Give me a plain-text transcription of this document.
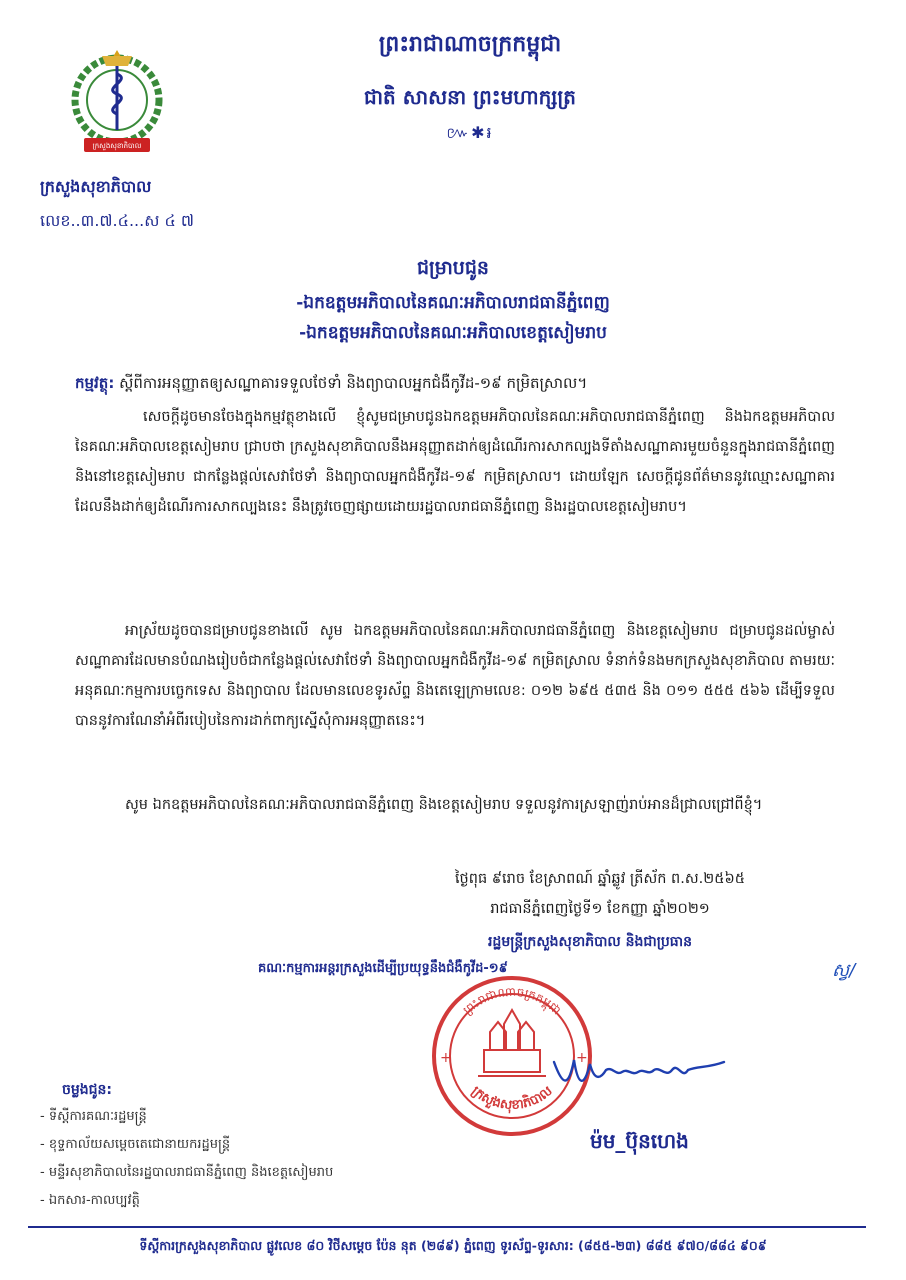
ក្រសួងសុខាភិបាល
ក្រសួងសុខាភិបាល
លេខ..៣.៧.៤...ស ៤ ៧
ព្រះរាជាណាចក្រកម្ពុជា
ជាតិ សាសនា ព្រះមហាក្សត្រ
៚✱៛
ជម្រាបជូន
-ឯកឧត្តមអភិបាលនៃគណៈអភិបាលរាជធានីភ្នំពេញ
-ឯកឧត្តមអភិបាលនៃគណៈអភិបាលខេត្តសៀមរាប
កម្មវត្ថុ: ស្តីពីការអនុញ្ញាតឲ្យសណ្ឋាគារទទួលថែទាំ និងព្យាបាលអ្នកជំងឺកូវីដ-១៩ កម្រិតស្រាល។
សេចក្តីដូចមានចែងក្នុងកម្មវត្ថុខាងលើ ខ្ញុំសូមជម្រាបជូនឯកឧត្តមអភិបាលនៃគណៈអភិបាលរាជធានីភ្នំពេញ និងឯកឧត្តមអភិបាលនៃគណៈអភិបាលខេត្តសៀមរាប ជ្រាបថា ក្រសួងសុខាភិបាលនឹងអនុញ្ញាតដាក់ឲ្យដំណើរការសាកល្បងទីតាំងសណ្ឋាគារមួយចំនួនក្នុងរាជធានីភ្នំពេញ និងនៅខេត្តសៀមរាប ជាកន្លែងផ្តល់សេវាថែទាំ និងព្យាបាលអ្នកជំងឺកូវីដ-១៩ កម្រិតស្រាល។ ដោយឡែក សេចក្តីជូនព័ត៌មាននូវឈ្មោះសណ្ឋាគារដែលនឹងដាក់ឲ្យដំណើរការសាកល្បងនេះ នឹងត្រូវចេញផ្សាយដោយរដ្ឋបាលរាជធានីភ្នំពេញ និងរដ្ឋបាលខេត្តសៀមរាប។
អាស្រ័យដូចបានជម្រាបជូនខាងលើ សូម ឯកឧត្តមអភិបាលនៃគណៈអភិបាលរាជធានីភ្នំពេញ និងខេត្តសៀមរាប ជម្រាបជូនដល់ម្ចាស់សណ្ឋាគារដែលមានបំណងរៀបចំជាកន្លែងផ្តល់សេវាថែទាំ និងព្យាបាលអ្នកជំងឺកូវីដ-១៩ កម្រិតស្រាល ទំនាក់ទំនងមកក្រសួងសុខាភិបាល តាមរយៈអនុគណៈកម្មការបច្ចេកទេស និងព្យាបាល ដែលមានលេខទូរស័ព្ទ និងតេឡេក្រាមលេខ: ០១២ ៦៩៥ ៥៣៥ និង ០១១ ៥៥៥ ៥៦៦ ដើម្បីទទួលបាននូវការណែនាំអំពីរបៀបនៃការដាក់ពាក្យស្នើសុំការអនុញ្ញាតនេះ។
សូម ឯកឧត្តមអភិបាលនៃគណៈអភិបាលរាជធានីភ្នំពេញ និងខេត្តសៀមរាប ទទួលនូវការស្រឡាញ់រាប់អានដ៏ជ្រាលជ្រៅពីខ្ញុំ។
ថ្ងៃពុធ ៩រោច ខែស្រាពណ៍ ឆ្នាំឆ្លូវ ត្រីស័ក ព.ស.២៥៦៥
រាជធានីភ្នំពេញថ្ងៃទី១ ខែកញ្ញា ឆ្នាំ២០២១
រដ្ឋមន្ត្រីក្រសួងសុខាភិបាល និងជាប្រធាន
គណៈកម្មការអន្តរក្រសួងដើម្បីប្រយុទ្ធនឹងជំងឺកូវីដ-១៩	ស្វ/
ព្រះរាជាណាចក្រកម្ពុជា
ក្រសួងសុខាភិបាល
+	+
ម៉ម_ប៊ុនហេង
ចម្លងជូន:
- ទីស្តីការគណៈរដ្ឋមន្ត្រី
- ខុទ្ទកាល័យសម្តេចតេជោនាយករដ្ឋមន្ត្រី
- មន្ទីរសុខាភិបាលនៃរដ្ឋបាលរាជធានីភ្នំពេញ និងខេត្តសៀមរាប
- ឯកសារ-កាលប្បវត្តិ
ទីស្តីការក្រសួងសុខាភិបាល ផ្លូវលេខ ៨០ វិថីសម្តេច ប៉ែន នុត (២៨៩) ភ្នំពេញ ទូរស័ព្ទ-ទូរសារ: (៨៥៥-២៣) ៨៨៥ ៩៧០/៨៨៤ ៩០៩
